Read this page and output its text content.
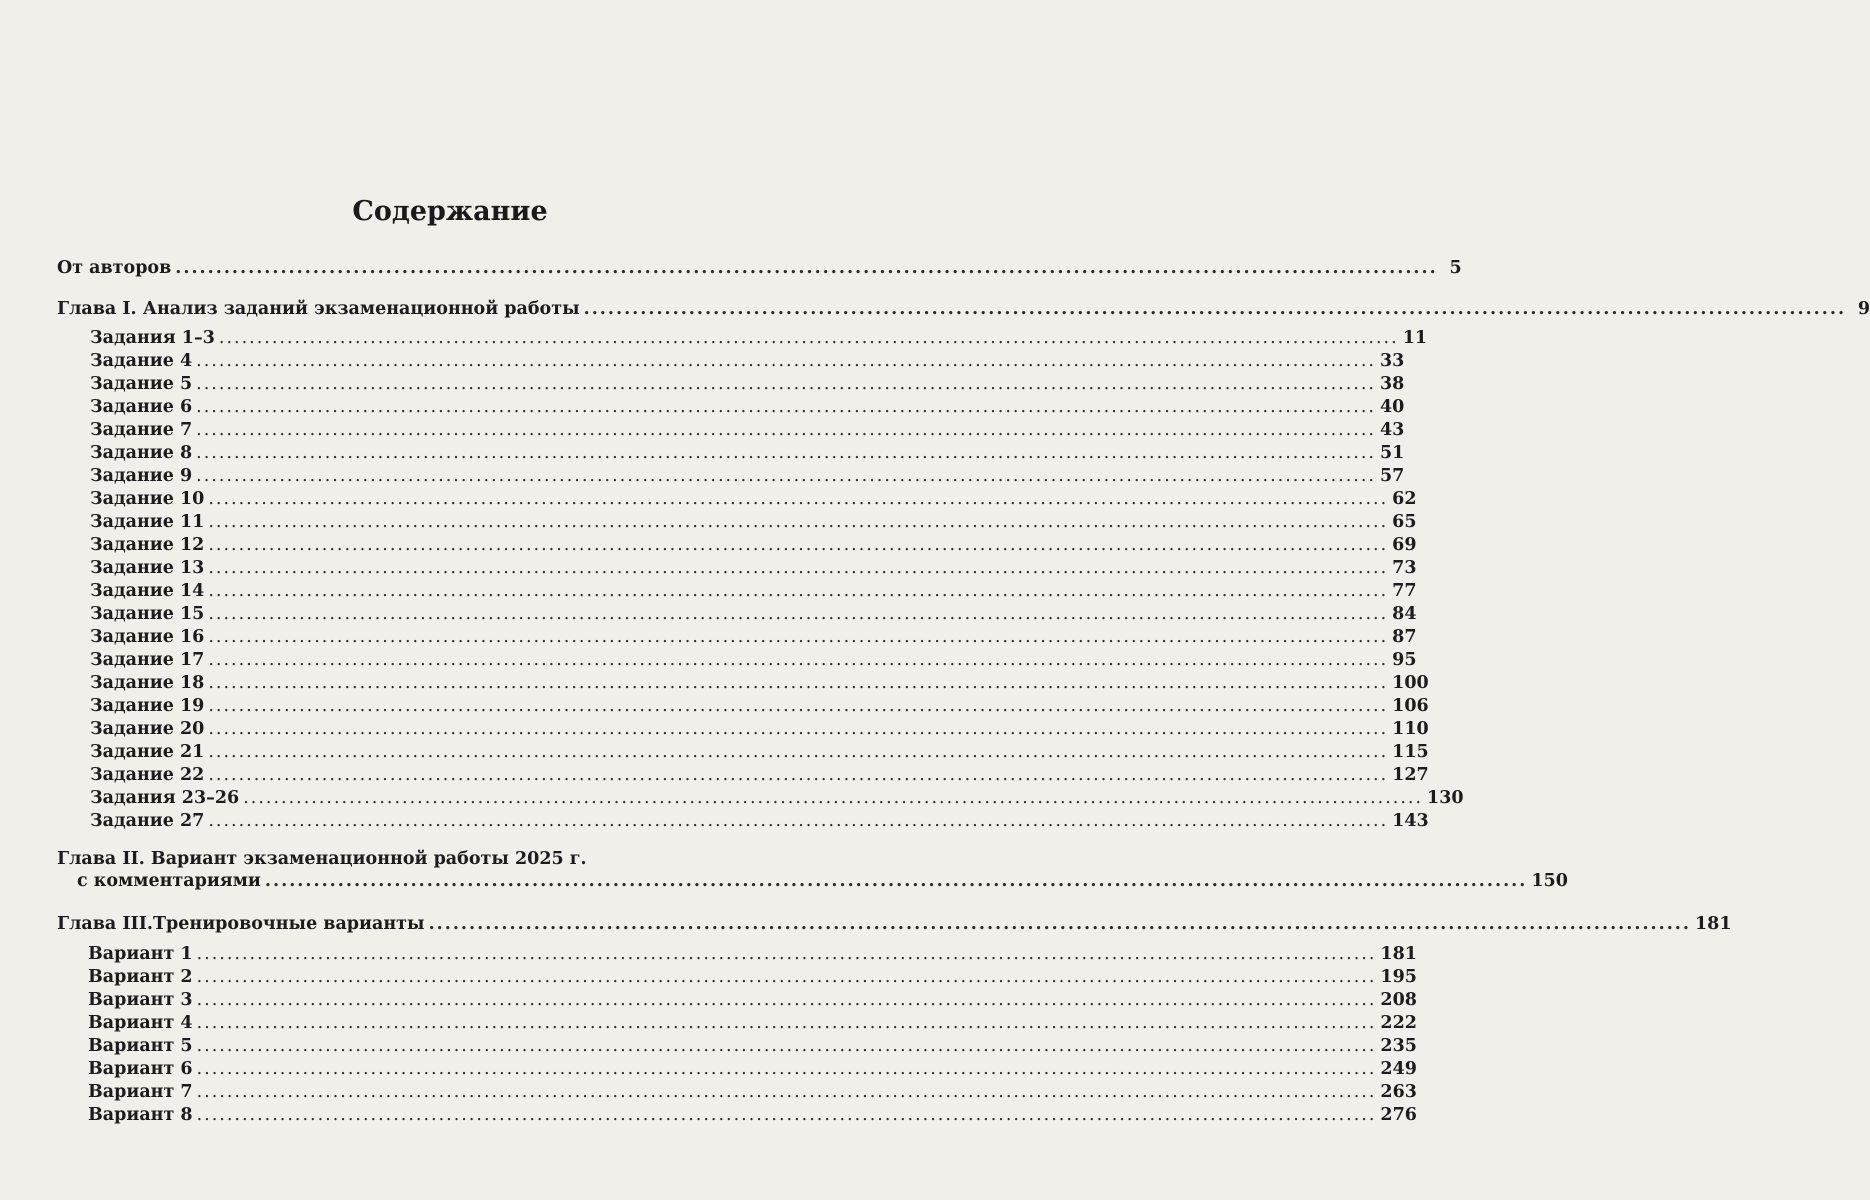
Содержание
От авторов ............................................................................................................................................................ 5
Глава I. Анализ заданий экзаменационной работы ............................................................................................................................................................ 9
Задания 1–3 ............................................................................................................................................................ 11
Задание 4 ............................................................................................................................................................ 33
Задание 5 ............................................................................................................................................................ 38
Задание 6 ............................................................................................................................................................ 40
Задание 7 ............................................................................................................................................................ 43
Задание 8 ............................................................................................................................................................ 51
Задание 9 ............................................................................................................................................................ 57
Задание 10 ............................................................................................................................................................ 62
Задание 11 ............................................................................................................................................................ 65
Задание 12 ............................................................................................................................................................ 69
Задание 13 ............................................................................................................................................................ 73
Задание 14 ............................................................................................................................................................ 77
Задание 15 ............................................................................................................................................................ 84
Задание 16 ............................................................................................................................................................ 87
Задание 17 ............................................................................................................................................................ 95
Задание 18 ............................................................................................................................................................ 100
Задание 19 ............................................................................................................................................................ 106
Задание 20 ............................................................................................................................................................ 110
Задание 21 ............................................................................................................................................................ 115
Задание 22 ............................................................................................................................................................ 127
Задания 23–26 ............................................................................................................................................................ 130
Задание 27 ............................................................................................................................................................ 143
Глава II. Вариант экзаменационной работы 2025 г.
с комментариями ............................................................................................................................................................ 150
Глава III.Тренировочные варианты ............................................................................................................................................................ 181
Вариант 1 ............................................................................................................................................................ 181
Вариант 2 ............................................................................................................................................................ 195
Вариант 3 ............................................................................................................................................................ 208
Вариант 4 ............................................................................................................................................................ 222
Вариант 5 ............................................................................................................................................................ 235
Вариант 6 ............................................................................................................................................................ 249
Вариант 7 ............................................................................................................................................................ 263
Вариант 8 ............................................................................................................................................................ 276
